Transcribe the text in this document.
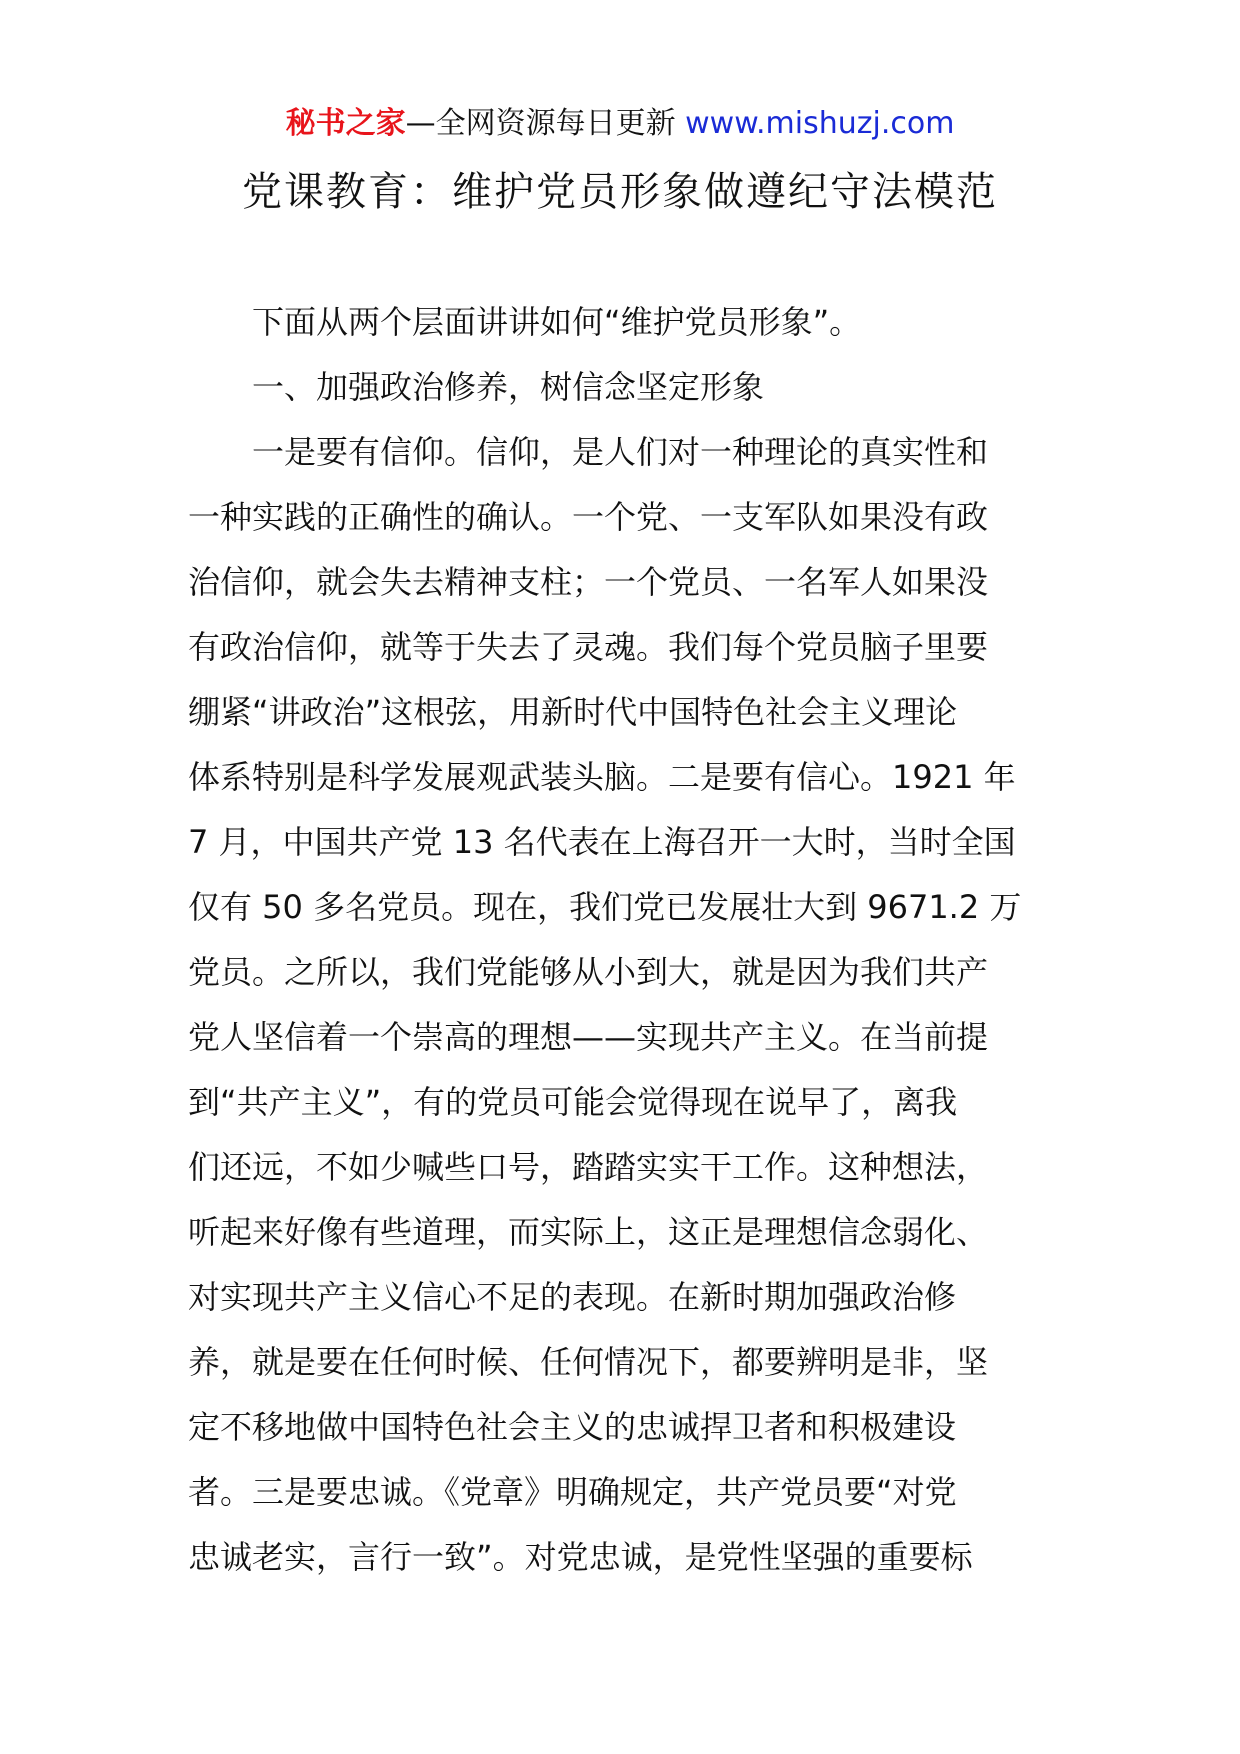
秘书之家—全网资源每日更新 www.mishuzj.com
党课教育：维护党员形象做遵纪守法模范
下面从两个层面讲讲如何“维护党员形象”。
一、加强政治修养，树信念坚定形象
一是要有信仰。信仰，是人们对一种理论的真实性和
一种实践的正确性的确认。一个党、一支军队如果没有政
治信仰，就会失去精神支柱；一个党员、一名军人如果没
有政治信仰，就等于失去了灵魂。我们每个党员脑子里要
绷紧“讲政治”这根弦，用新时代中国特色社会主义理论
体系特别是科学发展观武装头脑。二是要有信心。1921 年
7 月，中国共产党 13 名代表在上海召开一大时，当时全国
仅有 50 多名党员。现在，我们党已发展壮大到 9671.2 万
党员。之所以，我们党能够从小到大，就是因为我们共产
党人坚信着一个崇高的理想——实现共产主义。在当前提
到“共产主义”，有的党员可能会觉得现在说早了，离我
们还远，不如少喊些口号，踏踏实实干工作。这种想法，
听起来好像有些道理，而实际上，这正是理想信念弱化、
对实现共产主义信心不足的表现。在新时期加强政治修
养，就是要在任何时候、任何情况下，都要辨明是非，坚
定不移地做中国特色社会主义的忠诚捍卫者和积极建设
者。三是要忠诚。《党章》明确规定，共产党员要“对党
忠诚老实，言行一致”。对党忠诚，是党性坚强的重要标
